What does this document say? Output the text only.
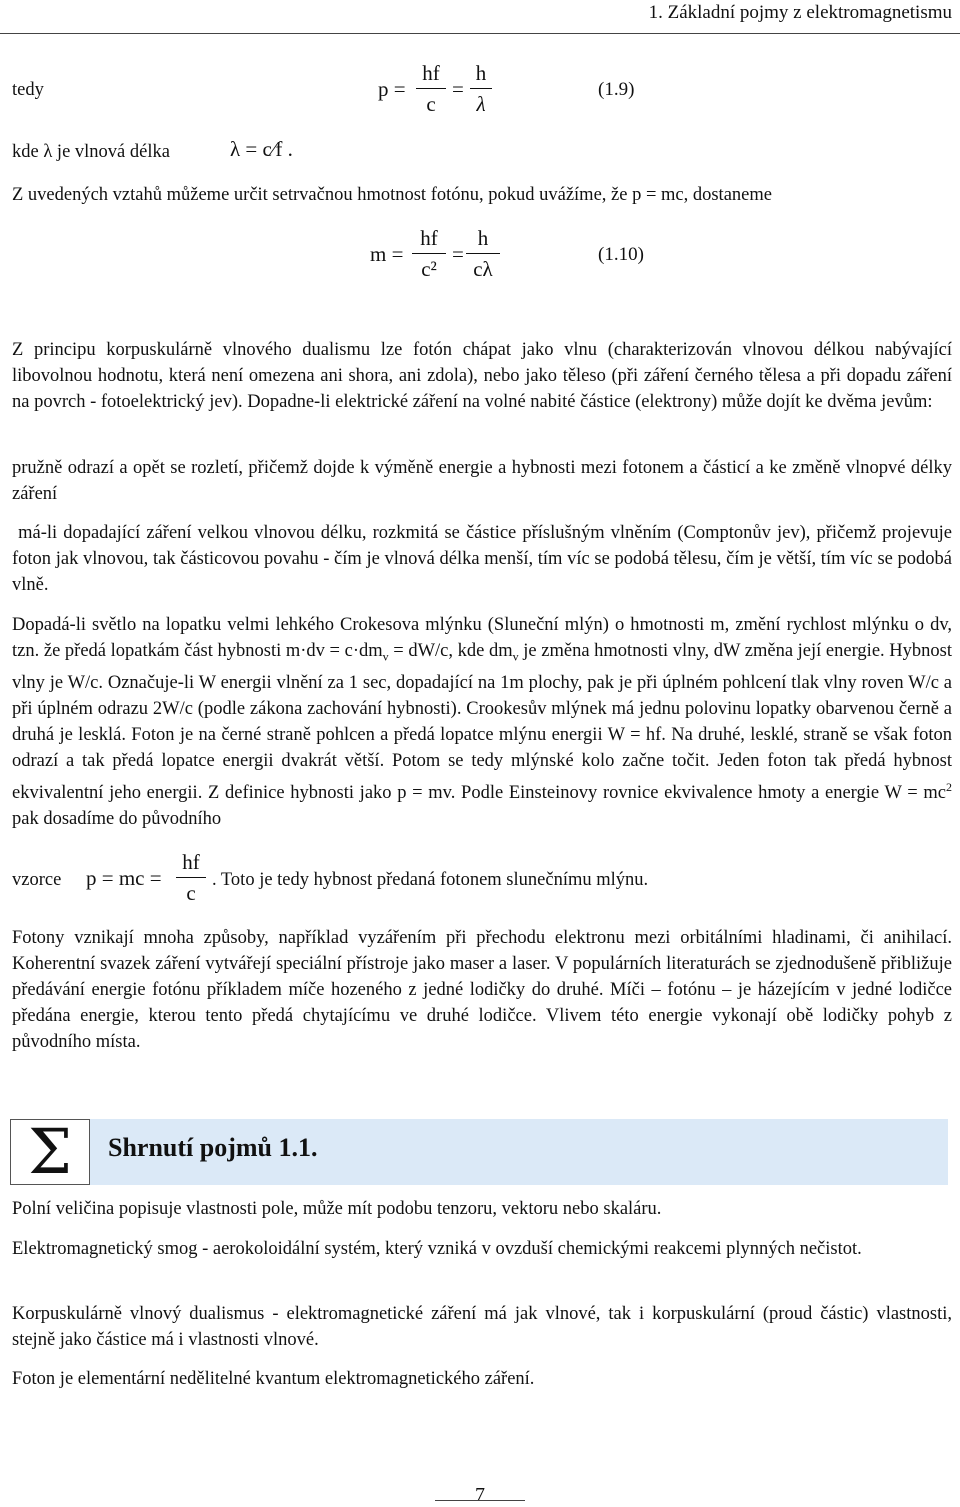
1. Základní pojmy z elektromagnetismu
tedy	p =
hf
c
=
h
λ
(1.9)
kde λ je vlnová délka	λ = c⁄f .
Z uvedených vztahů můžeme určit setrvačnou hmotnost fotónu, pokud uvážíme, že p = mc, dostaneme
m =
hf
c²
=
h
cλ
(1.10)
Z principu korpuskulárně vlnového dualismu lze fotón chápat jako vlnu (charakterizován vlnovou délkou nabývající libovolnou hodnotu, která není omezena ani shora, ani zdola), nebo jako těleso (při záření černého tělesa a při dopadu záření na povrch - fotoelektrický jev). Dopadne-li elektrické záření na volné nabité částice (elektrony) může dojít ke dvěma jevům:
pružně odrazí a opět se rozletí, přičemž dojde k výměně energie a hybnosti mezi fotonem a částicí a ke změně vlnopvé délky záření
má-li dopadající záření velkou vlnovou délku, rozkmitá se částice příslušným vlněním (Comptonův jev), přičemž projevuje foton jak vlnovou, tak částicovou povahu - čím je vlnová délka menší, tím víc se podobá tělesu, čím je větší, tím víc se podobá vlně.
Dopadá-li světlo na lopatku velmi lehkého Crokesova mlýnku (Sluneční mlýn) o hmotnosti m, změní rychlost mlýnku o dv, tzn. že předá lopatkám část hybnosti $m\cdot dv = c\cdot dm_v = dW/c$, kde $dm_v$ je změna hmotnosti vlny, dW změna její energie. Hybnost vlny je W/c. Označuje-li W energii vlnění za 1 sec, dopadající na 1m plochy, pak je při úplném pohlcení tlak vlny roven W/c a při úplném odrazu 2W/c (podle zákona zachování hybnosti). Crookesův mlýnek má jednu polovinu lopatky obarvenou černě a druhá je lesklá. Foton je na černé straně pohlcen a předá lopatce mlýnu energii W = hf. Na druhé, lesklé, straně se však foton odrazí a tak předá lopatce energii dvakrát větší. Potom se tedy mlýnské kolo začne točit. Jeden foton tak předá hybnost ekvivalentní jeho energii. Z definice hybnosti jako p = mv. Podle Einsteinovy rovnice ekvivalence hmoty a energie $W = mc^2$ pak dosadíme do původního
vzorce p = mc =
hf
c
. Toto je tedy hybnost předaná fotonem slunečnímu mlýnu.
Fotony vznikají mnoha způsoby, například vyzářením při přechodu elektronu mezi orbitálními hladinami, či anihilací. Koherentní svazek záření vytvářejí speciální přístroje jako maser a laser. V populárních literaturách se zjednodušeně přibližuje předávání energie fotónu příkladem míče hozeného z jedné lodičky do druhé. Míči – fotónu – je házejícím v jedné lodičce předána energie, kterou tento předá chytajícímu ve druhé lodičce. Vlivem této energie vykonají obě lodičky pohyb z původního místa.
Σ	Shrnutí pojmů 1.1.
Polní veličina popisuje vlastnosti pole, může mít podobu tenzoru, vektoru nebo skaláru.
Elektromagnetický smog - aerokoloidální systém, který vzniká v ovzduší chemickými reakcemi plynných nečistot.
Korpuskulárně vlnový dualismus - elektromagnetické záření má jak vlnové, tak i korpuskulární (proud částic) vlastnosti, stejně jako částice má i vlastnosti vlnové.
Foton je elementární nedělitelné kvantum elektromagnetického záření.
7
